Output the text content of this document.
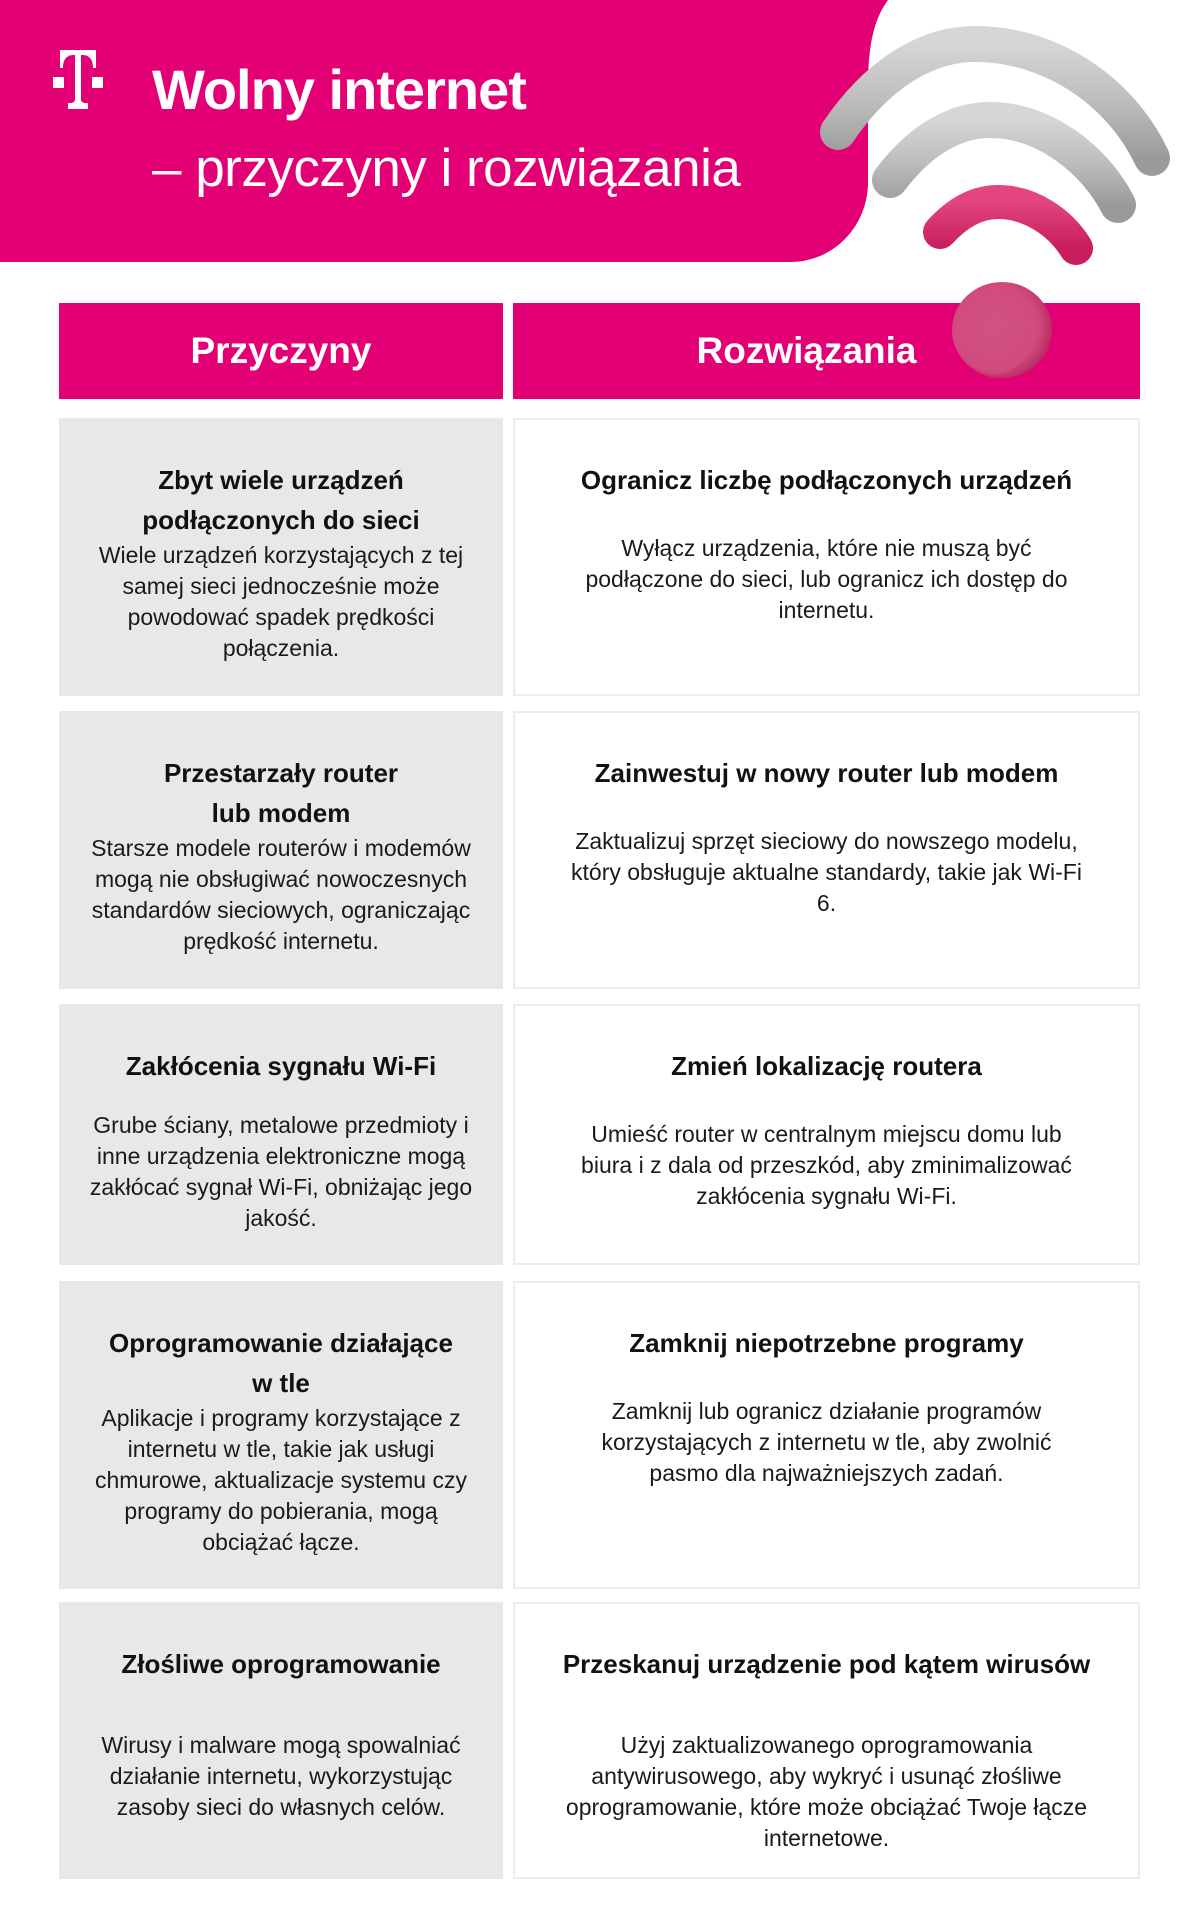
Wolny internet
– przyczyny i rozwiązania
Przyczyny	Rozwiązania
Zbyt wiele urządzeń
podłączonych do sieci
Wiele urządzeń korzystających z tej samej sieci jednocześnie może powodować spadek prędkości połączenia.
Ogranicz liczbę podłączonych urządzeń
Wyłącz urządzenia, które nie muszą być podłączone do sieci, lub ogranicz ich dostęp do internetu.
Przestarzały router
lub modem
Starsze modele routerów i modemów mogą nie obsługiwać nowoczesnych standardów sieciowych, ograniczając prędkość internetu.
Zainwestuj w nowy router lub modem
Zaktualizuj sprzęt sieciowy do nowszego modelu, który obsługuje aktualne standardy, takie jak Wi-Fi 6.
Zakłócenia sygnału Wi-Fi
Grube ściany, metalowe przedmioty i inne urządzenia elektroniczne mogą zakłócać sygnał Wi-Fi, obniżając jego jakość.
Zmień lokalizację routera
Umieść router w centralnym miejscu domu lub biura i z dala od przeszkód, aby zminimalizować zakłócenia sygnału Wi-Fi.
Oprogramowanie działające
w tle
Aplikacje i programy korzystające z internetu w tle, takie jak usługi chmurowe, aktualizacje systemu czy programy do pobierania, mogą obciążać łącze.
Zamknij niepotrzebne programy
Zamknij lub ogranicz działanie programów korzystających z internetu w tle, aby zwolnić pasmo dla najważniejszych zadań.
Złośliwe oprogramowanie
Wirusy i malware mogą spowalniać działanie internetu, wykorzystując zasoby sieci do własnych celów.
Przeskanuj urządzenie pod kątem wirusów
Użyj zaktualizowanego oprogramowania antywirusowego, aby wykryć i usunąć złośliwe oprogramowanie, które może obciążać Twoje łącze internetowe.
